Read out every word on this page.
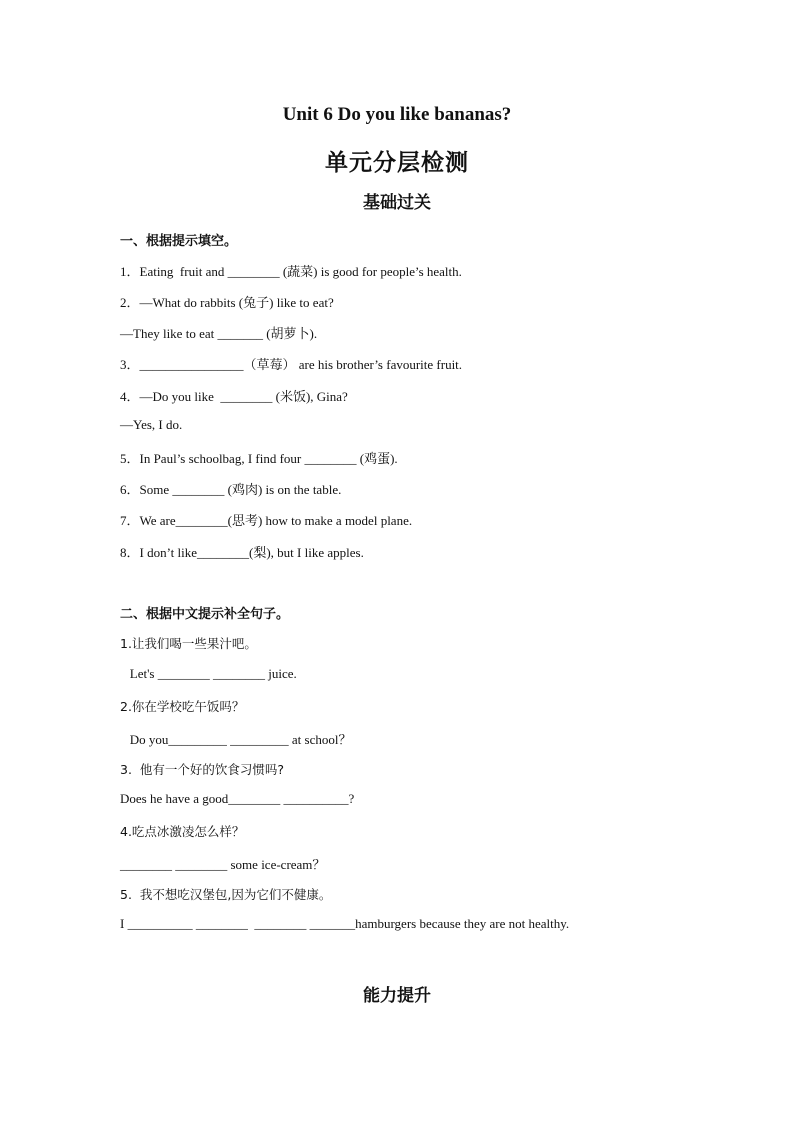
Unit 6 Do you like bananas?
单元分层检测
基础过关
一、根据提示填空。
1．Eating  fruit and ________ (蔬菜) is good for people’s health.
2．—What do rabbits (兔子) like to eat?
—They like to eat _______ (胡萝卜).
3．________________（草莓） are his brother’s favourite fruit.
4．—Do you like  ________ (米饭), Gina?
—Yes, I do.
5．In Paul’s schoolbag, I find four ________ (鸡蛋).
6．Some ________ (鸡肉) is on the table.
7．We are________(思考) how to make a model plane.
8．I don’t like________(梨), but I like apples.
二、根据中文提示补全句子。
1.让我们喝一些果汁吧。
Let's ________ ________ juice.
2.你在学校吃午饭吗？
Do you_________ _________ at school？
3.  他有一个好的饮食习惯吗?
Does he have a good________ __________?
4.吃点冰激凌怎么样？
________ ________ some ice-cream？
5.  我不想吃汉堡包,因为它们不健康。
I __________ ________  ________ _______hamburgers because they are not healthy.
能力提升
